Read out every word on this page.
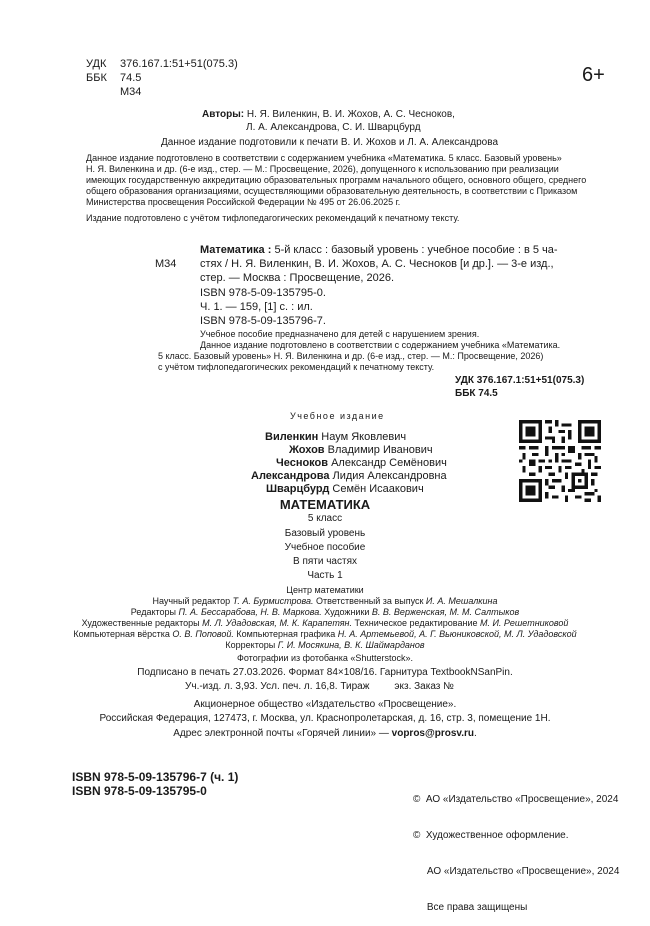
УДК 376.167.1:51+51(075.3)
ББК 74.5
М34
6+
Авторы: Н. Я. Виленкин, В. И. Жохов, А. С. Чесноков,
Л. А. Александрова, С. И. Шварцбурд
Данное издание подготовили к печати В. И. Жохов и Л. А. Александрова
Данное издание подготовлено в соответствии с содержанием учебника «Математика. 5 класс. Базовый уровень»
Н. Я. Виленкина и др. (6-е изд., стер. — М.: Просвещение, 2026), допущенного к использованию при реализации
имеющих государственную аккредитацию образовательных программ начального общего, основного общего, среднего
общего образования организациями, осуществляющими образовательную деятельность, в соответствии с Приказом
Министерства просвещения Российской Федерации № 495 от 26.06.2025 г.
Издание подготовлено с учётом тифлопедагогических рекомендаций к печатному тексту.
Математика : 5-й класс : базовый уровень : учебное пособие : в 5 ча-
М34 стях / Н. Я. Виленкин, В. И. Жохов, А. С. Чесноков [и др.]. — 3-е изд.,
стер. — Москва : Просвещение, 2026.
ISBN 978-5-09-135795-0.
Ч. 1. — 159, [1] с. : ил.
ISBN 978-5-09-135796-7.
Учебное пособие предназначено для детей с нарушением зрения.
Данное издание подготовлено в соответствии с содержанием учебника «Математика.
5 класс. Базовый уровень» Н. Я. Виленкина и др. (6-е изд., стер. — М.: Просвещение, 2026)
с учётом тифлопедагогических рекомендаций к печатному тексту.
УДК 376.167.1:51+51(075.3)
ББК 74.5
Учебное издание
Виленкин Наум Яковлевич
Жохов Владимир Иванович
Чесноков Александр Семёнович
Александрова Лидия Александровна
Шварцбурд Семён Исаакович
МАТЕМАТИКА
5 класс
Базовый уровень
Учебное пособие
В пяти частях
Часть 1
Центр математики
Научный редактор Т. А. Бурмистрова. Ответственный за выпуск И. А. Мешалкина
Редакторы П. А. Бессарабова, Н. В. Маркова. Художники В. В. Верженская, М. М. Салтыков
Художественные редакторы М. Л. Удадовская, М. К. Карапетян. Техническое редактирование М. И. Решетниковой
Компьютерная вёрстка О. В. Поповой. Компьютерная графика Н. А. Артемьевой, А. Г. Вьюниковской, М. Л. Удадовской
Корректоры Г. И. Мосякина, В. К. Шаймарданов
Фотографии из фотобанка «Shutterstock».
Подписано в печать 27.03.2026. Формат 84×108/16. Гарнитура TextbookNSanPin.
Уч.-изд. л. 3,93. Усл. печ. л. 16,8. Тираж         экз. Заказ №
Акционерное общество «Издательство «Просвещение».
Российская Федерация, 127473, г. Москва, ул. Краснопролетарская, д. 16, стр. 3, помещение 1Н.
Адрес электронной почты «Горячей линии» — vopros@prosv.ru.
ISBN 978-5-09-135796-7 (ч. 1)
ISBN 978-5-09-135795-0

©  АО «Издательство «Просвещение», 2024

©  Художественное оформление.

АО «Издательство «Просвещение», 2024

Все права защищены
